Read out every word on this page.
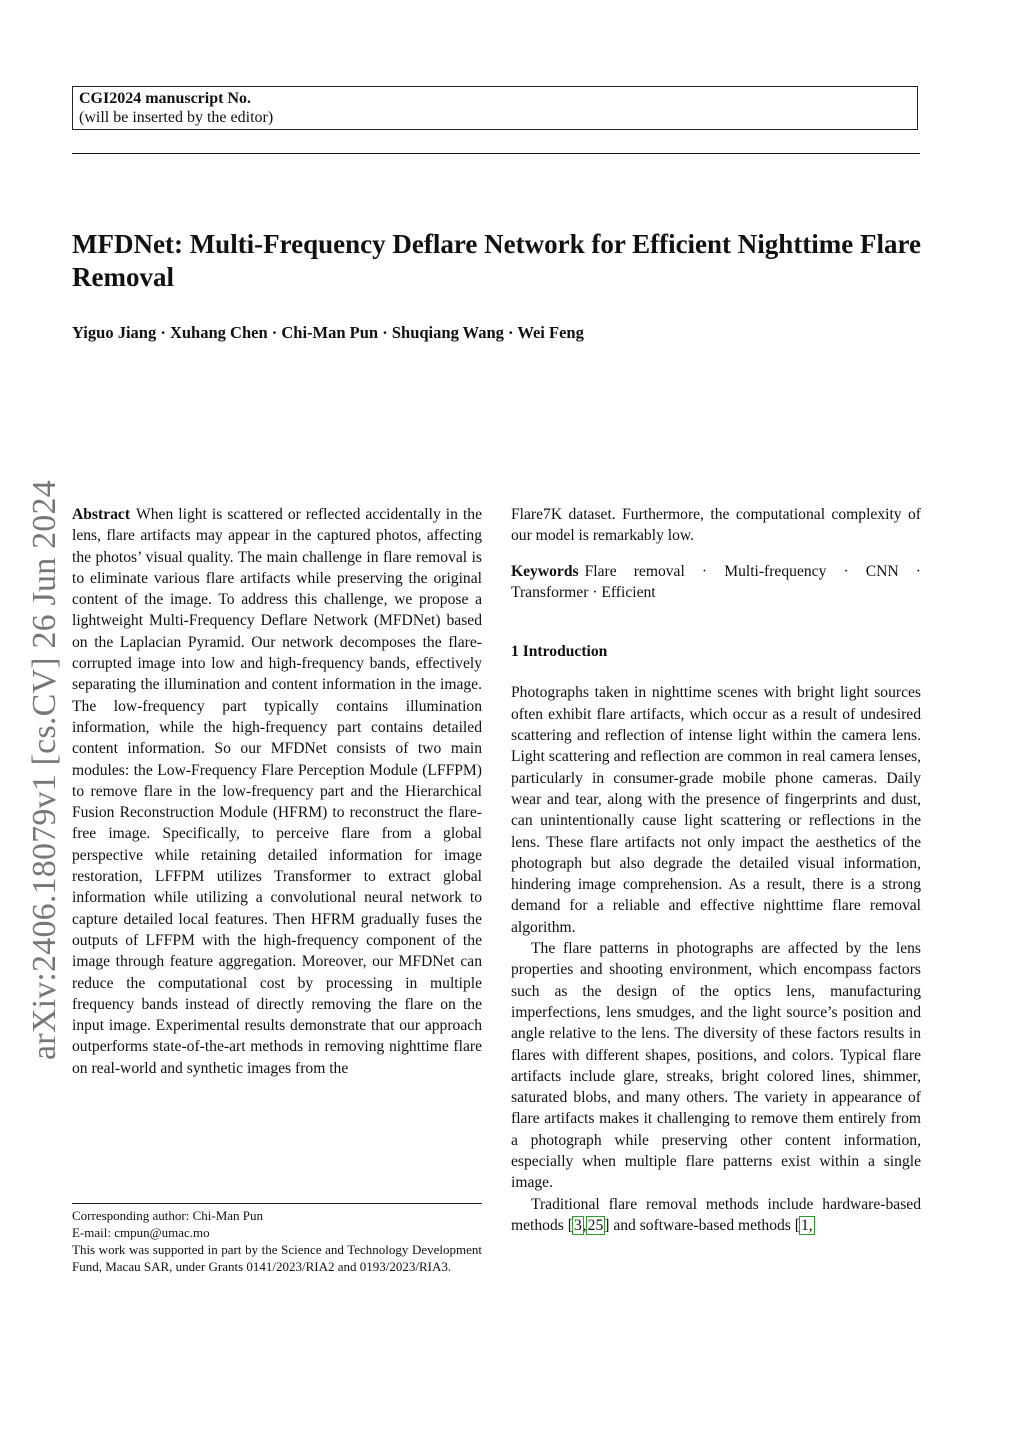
CGI2024 manuscript No.
(will be inserted by the editor)
MFDNet: Multi-Frequency Deflare Network for Efficient Nighttime Flare Removal
Yiguo Jiang · Xuhang Chen · Chi-Man Pun · Shuqiang Wang · Wei Feng
arXiv:2406.18079v1 [cs.CV] 26 Jun 2024 Abstract When light is scattered or reflected accidentally in the lens, flare artifacts may appear in the captured photos, affecting the photos’ visual quality. The main challenge in flare removal is to eliminate various flare artifacts while preserving the original content of the image. To address this challenge, we propose a lightweight Multi-Frequency Deflare Network (MFDNet) based on the Laplacian Pyramid. Our network decomposes the flare-corrupted image into low and high-frequency bands, effectively separating the illumination and content information in the image. The low-frequency part typically contains illumination information, while the high-frequency part contains detailed content information. So our MFDNet consists of two main modules: the Low-Frequency Flare Perception Module (LFFPM) to remove flare in the low-frequency part and the Hierarchical Fusion Reconstruction Module (HFRM) to reconstruct the flare-free image. Specifically, to perceive flare from a global perspective while retaining detailed information for image restoration, LFFPM utilizes Transformer to extract global information while utilizing a convolutional neural network to capture detailed local features. Then HFRM gradually fuses the outputs of LFFPM with the high-frequency component of the image through feature aggregation. Moreover, our MFDNet can reduce the computational cost by processing in multiple frequency bands instead of directly removing the flare on the input image. Experimental results demonstrate that our approach outperforms state-of-the-art methods in removing nighttime flare on real-world and synthetic images from the

Flare7K dataset. Furthermore, the computational complexity of our model is remarkably low.

Keywords Flare removal · Multi-frequency · CNN · Transformer · Efficient

1 Introduction

Photographs taken in nighttime scenes with bright light sources often exhibit flare artifacts, which occur as a result of undesired scattering and reflection of intense light within the camera lens. Light scattering and reflection are common in real camera lenses, particularly in consumer-grade mobile phone cameras. Daily wear and tear, along with the presence of fingerprints and dust, can unintentionally cause light scattering or reflections in the lens. These flare artifacts not only impact the aesthetics of the photograph but also degrade the detailed visual information, hindering image comprehension. As a result, there is a strong demand for a reliable and effective nighttime flare removal algorithm.

The flare patterns in photographs are affected by the lens properties and shooting environment, which encompass factors such as the design of the optics lens, manufacturing imperfections, lens smudges, and the light source’s position and angle relative to the lens. The diversity of these factors results in flares with different shapes, positions, and colors. Typical flare artifacts include glare, streaks, bright colored lines, shimmer, saturated blobs, and many others. The variety in appearance of flare artifacts makes it challenging to remove them entirely from a photograph while preserving other content information, especially when multiple flare patterns exist within a single image.

Traditional flare removal methods include hardware-based methods [3,25] and software-based methods [1,

Corresponding author: Chi-Man Pun
E-mail: cmpun@umac.mo
This work was supported in part by the Science and Technology Development Fund, Macau SAR, under Grants 0141/2023/RIA2 and 0193/2023/RIA3.
